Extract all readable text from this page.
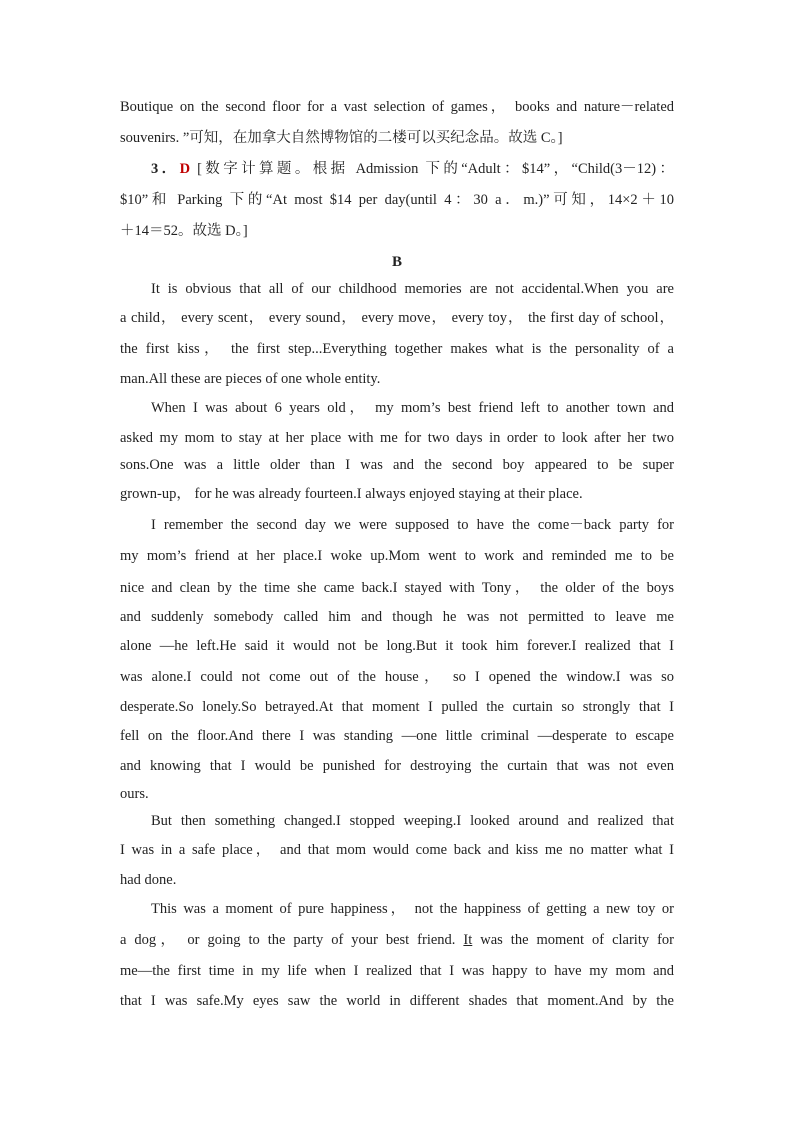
Boutique on the second floor for a vast selection of games， books and nature－related
souvenirs. ”可知，在加拿大自然博物馆的二楼可以买纪念品。故选 C。]
3．D [数字计算题。根据 Admission 下的“Adult：$14”，“Child(3－12)：
$10”和 Parking 下的“At most $14 per day(until 4：30 a．m.)”可知，14×2＋10
＋14＝52。故选 D。]
B
It is obvious that all of our childhood memories are not accidental.When you are
a child， every scent， every sound， every move， every toy， the first day of school，
the first kiss， the first step...Everything together makes what is the personality of a
man.All these are pieces of one whole entity.
When I was about 6 years old， my mom’s best friend left to another town and
asked my mom to stay at her place with me for two days in order to look after her two
sons.One was a little older than I was and the second boy appeared to be super
grown-up， for he was already fourteen.I always enjoyed staying at their place.
I remember the second day we were supposed to have the come－back party for
my mom’s friend at her place.I woke up.Mom went to work and reminded me to be
nice and clean by the time she came back.I stayed with Tony， the older of the boys
and suddenly somebody called him and though he was not permitted to leave me
alone —he left.He said it would not be long.But it took him forever.I realized that I
was alone.I could not come out of the house， so I opened the window.I was so
desperate.So lonely.So betrayed.At that moment I pulled the curtain so strongly that I
fell on the floor.And there I was standing —one little criminal —desperate to escape
and knowing that I would be punished for destroying the curtain that was not even
ours.
But then something changed.I stopped weeping.I looked around and realized that
I was in a safe place， and that mom would come back and kiss me no matter what I
had done.
This was a moment of pure happiness， not the happiness of getting a new toy or
a dog， or going to the party of your best friend. It was the moment of clarity for
me—the first time in my life when I realized that I was happy to have my mom and
that I was safe.My eyes saw the world in different shades that moment.And by the
